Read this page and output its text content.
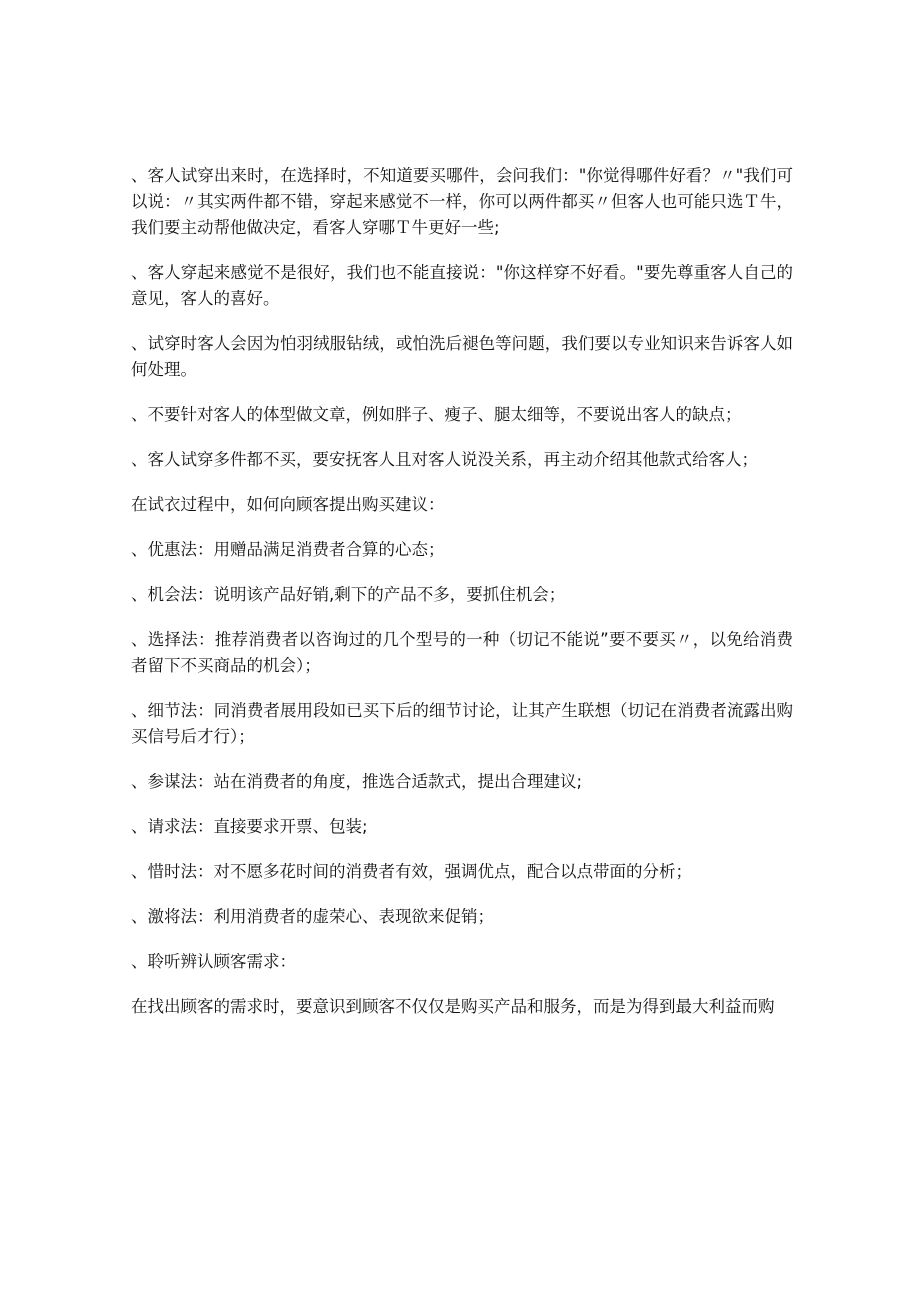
、客人试穿出来时，在选择时，不知道要买哪件，会问我们："你觉得哪件好看？〃"我们可以说：〃其实两件都不错，穿起来感觉不一样，你可以两件都买〃但客人也可能只选Ｔ牛，我们要主动帮他做决定，看客人穿哪Ｔ牛更好一些;

、客人穿起来感觉不是很好，我们也不能直接说："你这样穿不好看。"要先尊重客人自己的意见，客人的喜好。

、试穿时客人会因为怕羽绒服钻绒，或怕洗后褪色等问题，我们要以专业知识来告诉客人如何处理。

、不要针对客人的体型做文章，例如胖子、瘦子、腿太细等，不要说出客人的缺点；

、客人试穿多件都不买，要安抚客人且对客人说没关系，再主动介绍其他款式给客人；

在试衣过程中，如何向顾客提出购买建议：

、优惠法：用赠品满足消费者合算的心态；

、机会法：说明该产品好销,剩下的产品不多，要抓住机会；

、选择法：推荐消费者以咨询过的几个型号的一种（切记不能说”要不要买〃，以免给消费者留下不买商品的机会）；

、细节法：同消费者展用段如已买下后的细节讨论，让其产生联想（切记在消费者流露出购买信号后才行）；

、参谋法：站在消费者的角度，推选合适款式，提出合理建议;

、请求法：直接要求开票、包装;

、惜时法：对不愿多花时间的消费者有效，强调优点，配合以点带面的分析；

、激将法：利用消费者的虚荣心、表现欲来促销；

、聆听辨认顾客需求：

在找出顾客的需求时，要意识到顾客不仅仅是购买产品和服务，而是为得到最大利益而购
